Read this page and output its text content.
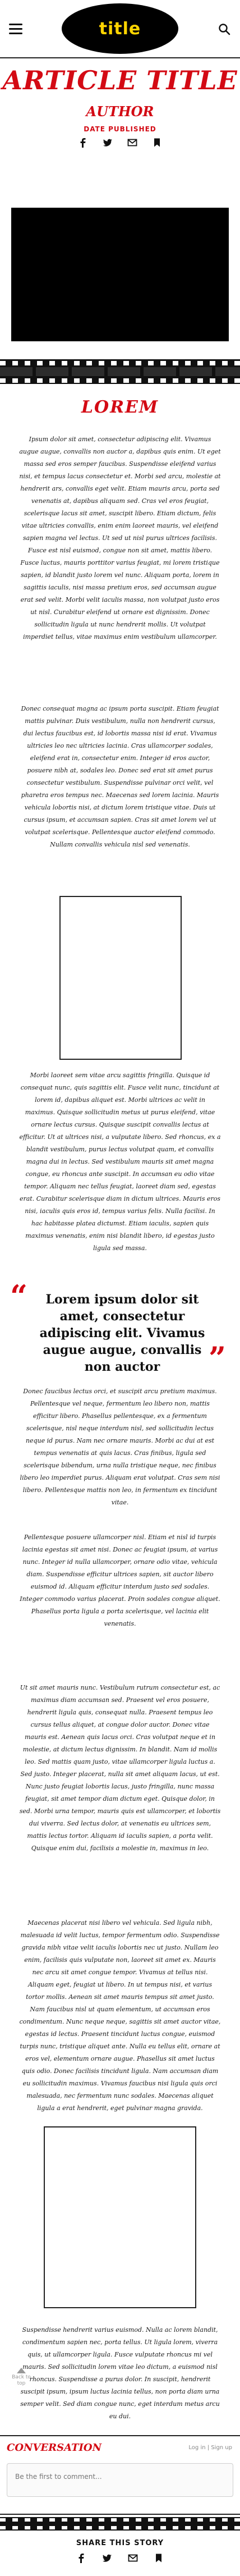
title
ARTICLE TITLE
AUTHOR
DATE PUBLISHED
LOREM

Ipsum dolor sit amet, consectetur adipiscing elit. Vivamus augue augue, convallis non auctor a, dapibus quis enim. Ut eget massa sed eros semper faucibus. Suspendisse eleifend varius nisi, et tempus lacus consectetur et. Morbi sed arcu, molestie at hendrerit ars, convallis eget velit. Etiam mauris arcu, porta sed venenatis at, dapibus aliquam sed. Cras vel eros feugiat, scelerisque lacus sit amet, suscipit libero. Etiam dictum, felis vitae ultricies convallis, enim enim laoreet mauris, vel eleifend sapien magna vel lectus. Ut sed ut nisl purus ultrices facilisis. Fusce est nisl euismod, congue non sit amet, mattis libero. Fusce luctus, mauris porttitor varius feugiat, mi lorem tristique sapien, id blandit justo lorem vel nunc. Aliquam porta, lorem in sagittis iaculis, nisi massa pretium eros, sed accumsan augue erat sed velit. Morbi velit iaculis massa, non volutpat justo eros ut nisl. Curabitur eleifend ut ornare est dignissim. Donec sollicitudin ligula ut nunc hendrerit mollis. Ut volutpat imperdiet tellus, vitae maximus enim vestibulum ullamcorper.

Donec consequat magna ac ipsum porta suscipit. Etiam feugiat mattis pulvinar. Duis vestibulum, nulla non hendrerit cursus, dui lectus faucibus est, id lobortis massa nisi id erat. Vivamus ultricies leo nec ultricies lacinia. Cras ullamcorper sodales, eleifend erat in, consectetur enim. Integer id eros auctor, posuere nibh at, sodales leo. Donec sed erat sit amet purus consectetur vestibulum. Suspendisse pulvinar orci velit, vel pharetra eros tempus nec. Maecenas sed lorem lacinia. Mauris vehicula lobortis nisi, at dictum lorem tristique vitae. Duis ut cursus ipsum, et accumsan sapien. Cras sit amet lorem vel ut volutpat scelerisque. Pellentesque auctor eleifend commodo. Nullam convallis vehicula nisl sed venenatis.

Morbi laoreet sem vitae arcu sagittis fringilla. Quisque id consequat nunc, quis sagittis elit. Fusce velit nunc, tincidunt at lorem id, dapibus aliquet est. Morbi ultrices ac velit in maximus. Quisque sollicitudin metus ut purus eleifend, vitae ornare lectus cursus. Quisque suscipit convallis lectus at efficitur. Ut at ultrices nisi, a vulputate libero. Sed rhoncus, ex a blandit vestibulum, purus lectus volutpat quam, et convallis magna dui in lectus. Sed vestibulum mauris sit amet magna congue, eu rhoncus ante suscipit. In accumsan eu odio vitae tempor. Aliquam nec tellus feugiat, laoreet diam sed, egestas erat. Curabitur scelerisque diam in dictum ultrices. Mauris eros nisi, iaculis quis eros id, tempus varius felis. Nulla facilisi. In hac habitasse platea dictumst. Etiam iaculis, sapien quis maximus venenatis, enim nisi blandit libero, id egestas justo ligula sed massa.

“	Lorem ipsum dolor sit amet, consectetur adipiscing elit. Vivamus augue augue, convallis non auctor	”

Donec faucibus lectus orci, et suscipit arcu pretium maximus. Pellentesque vel neque, fermentum leo libero non, mattis efficitur libero. Phasellus pellentesque, ex a fermentum scelerisque, nisl neque interdum nisl, sed sollicitudin lectus neque id purus. Nam nec ornare mauris. Morbi ac dui at est tempus venenatis at quis lacus. Cras finibus, ligula sed scelerisque bibendum, urna nulla tristique neque, nec finibus libero leo imperdiet purus. Aliquam erat volutpat. Cras sem nisi libero. Pellentesque mattis non leo, in fermentum ex tincidunt vitae.

Pellentesque posuere ullamcorper nisl. Etiam et nisl id turpis lacinia egestas sit amet nisi. Donec ac feugiat ipsum, at varius nunc. Integer id nulla ullamcorper, ornare odio vitae, vehicula diam. Suspendisse efficitur ultrices sapien, sit auctor libero euismod id. Aliquam efficitur interdum justo sed sodales. Integer commodo varius placerat. Proin sodales congue aliquet. Phasellus porta ligula a porta scelerisque, vel lacinia elit venenatis.

Ut sit amet mauris nunc. Vestibulum rutrum consectetur est, ac maximus diam accumsan sed. Praesent vel eros posuere, hendrerit ligula quis, consequat nulla. Praesent tempus leo cursus tellus aliquet, at congue dolor auctor. Donec vitae mauris est. Aenean quis lacus orci. Cras volutpat neque et in molestie, at dictum lectus dignissim. In blandit. Nam id mollis leo. Sed mattis quam justo, vitae ullamcorper ligula luctus a. Sed justo. Integer placerat, nulla sit amet aliquam lacus, ut est. Nunc justo feugiat lobortis lacus, justo fringilla, nunc massa feugiat, sit amet tempor diam dictum eget. Quisque dolor, in sed. Morbi urna tempor, mauris quis est ullamcorper, et lobortis dui viverra. Sed lectus dolor, at venenatis eu ultrices sem, mattis lectus tortor. Aliquam id iaculis sapien, a porta velit. Quisque enim dui, facilisis a molestie in, maximus in leo.

Maecenas placerat nisi libero vel vehicula. Sed ligula nibh, malesuada id velit luctus, tempor fermentum odio. Suspendisse gravida nibh vitae velit iaculis lobortis nec ut justo. Nullam leo enim, facilisis quis vulputate non, laoreet sit amet ex. Mauris nec arcu sit amet congue tempor. Vivamus at tellus nisi. Aliquam eget, feugiat ut libero. In ut tempus nisi, et varius tortor mollis. Aenean sit amet mauris tempus sit amet justo. Nam faucibus nisl ut quam elementum, ut accumsan eros condimentum. Nunc neque neque, sagittis sit amet auctor vitae, egestas id lectus. Praesent tincidunt luctus congue, euismod turpis nunc, tristique aliquet ante. Nulla eu tellus elit, ornare at eros vel, elementum ornare augue. Phasellus sit amet luctus quis odio. Donec facilisis tincidunt ligula. Nam accumsan diam eu sollicitudin maximus. Vivamus faucibus nisi ligula quis orci malesuada, nec fermentum nunc sodales. Maecenas aliquet ligula a erat hendrerit, eget pulvinar magna gravida.

Suspendisse hendrerit varius euismod. Nulla ac lorem blandit, condimentum sapien nec, porta tellus. Ut ligula lorem, viverra quis, ut ullamcorper ligula. Fusce vulputate rhoncus mi vel mauris. Sed sollicitudin lorem vitae leo dictum, a euismod nisl rhoncus. Suspendisse a purus dolor. In suscipit, hendrerit suscipit ipsum, ipsum luctus lacinia tellus, non porta diam urna semper velit. Sed diam congue nunc, eget interdum metus arcu eu dui.

Back to
top
CONVERSATION	Log in | Sign up
Be the first to comment...
SHARE THIS STORY
